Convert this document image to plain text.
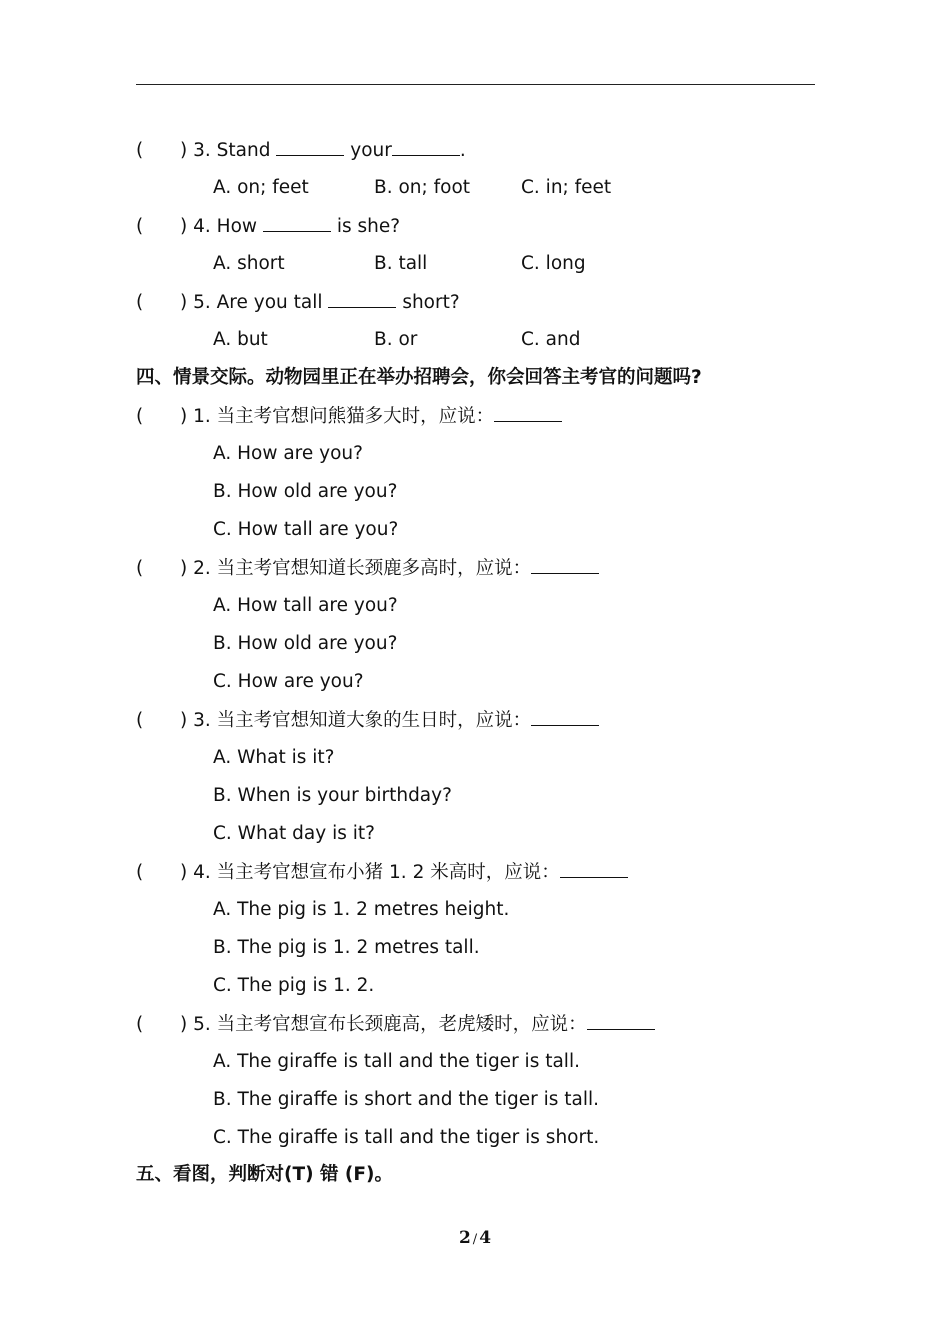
( ) 3. Stand	your	.

A. on; feet

	B. on; foot

	C. in; feet

( ) 4. How	is she?

A. short

	B. tall

	C. long

( ) 5. Are you tall	short?

A. but

	B. or

	C. and

四、情景交际。动物园里正在举办招聘会，你会回答主考官的问题吗?
( ) 1. 当主考官想问熊猫多大时，应说：
A. How are you?
B. How old are you?
C. How tall are you?
( ) 2. 当主考官想知道长颈鹿多高时，应说：
A. How tall are you?
B. How old are you?
C. How are you?
( ) 3. 当主考官想知道大象的生日时，应说：
A. What is it?
B. When is your birthday?
C. What day is it?
( ) 4. 当主考官想宣布小猪 1. 2 米高时，应说：
A. The pig is 1. 2 metres height.
B. The pig is 1. 2 metres tall.
C. The pig is 1. 2.
( ) 5. 当主考官想宣布长颈鹿高，老虎矮时，应说：
A. The giraffe is tall and the tiger is tall.
B. The giraffe is short and the tiger is tall.
C. The giraffe is tall and the tiger is short.
五、看图，判断对(T) 错 (F)。
2 / 4
